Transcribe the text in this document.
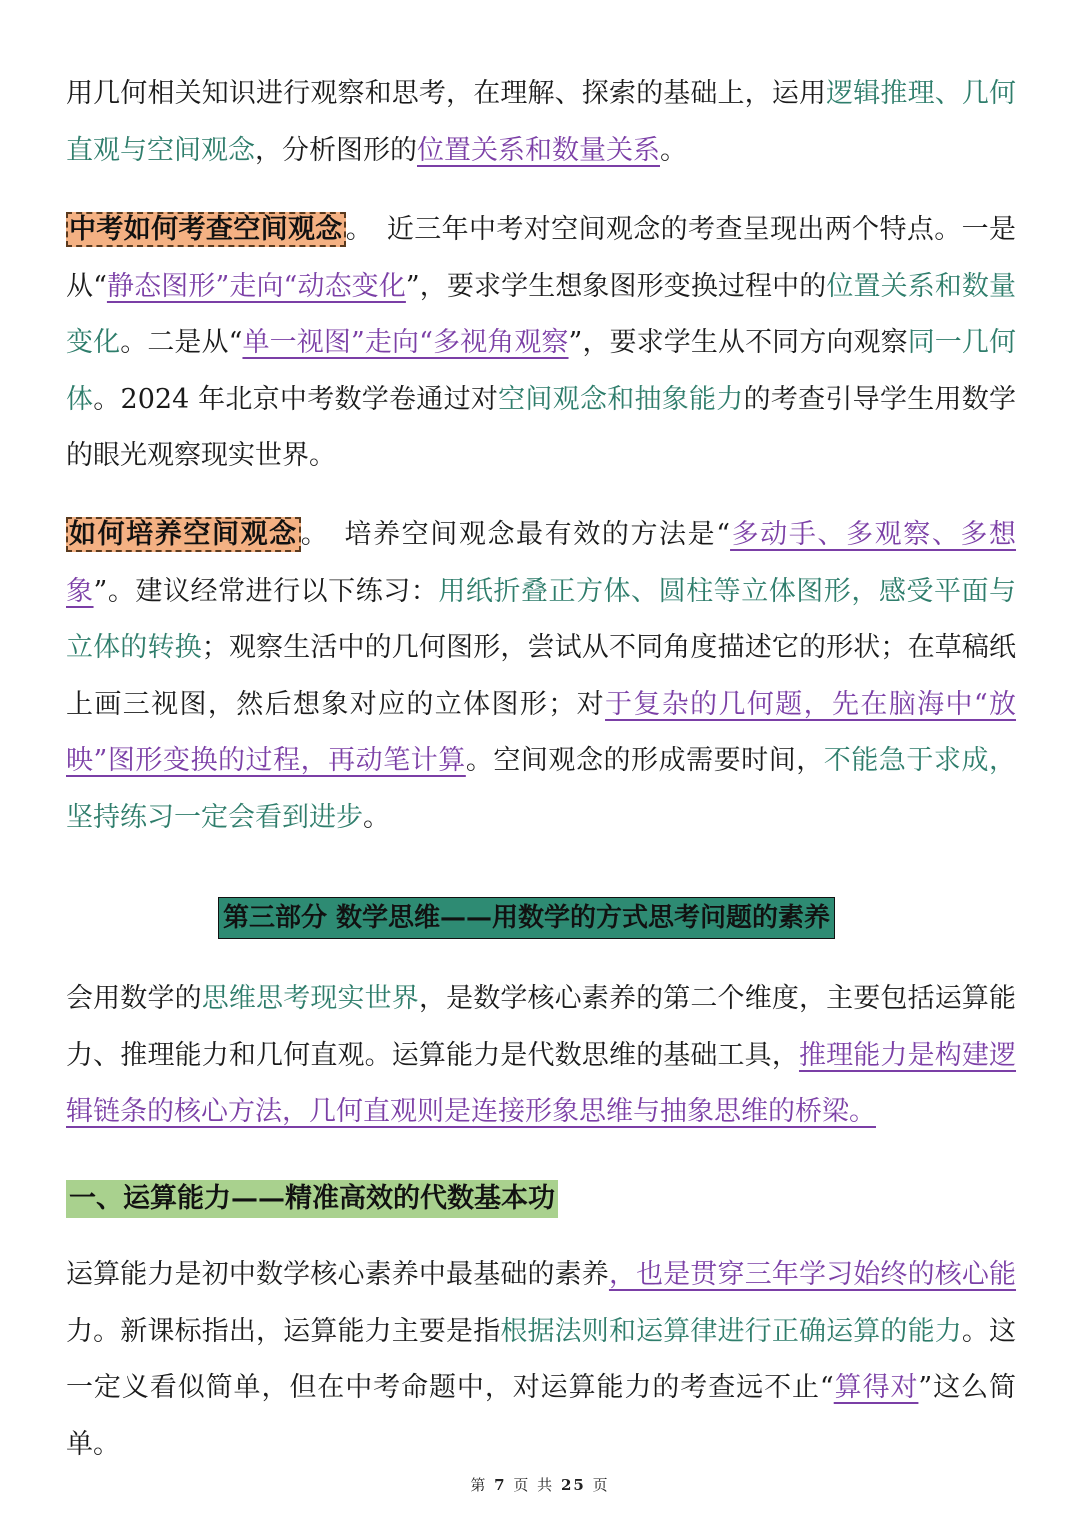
用几何相关知识进行观察和思考，在理解、探索的基础上，运用逻辑推理、几何直观与空间观念，分析图形的位置关系和数量关系。

中考如何考查空间观念 。　近三年中考对空间观念的考查呈现出两个特点。一是从“静态图形”走向“动态变化”，要求学生想象图形变换过程中的位置关系和数量变化。二是从“单一视图”走向“多视角观察”，要求学生从不同方向观察同一几何体。2024 年北京中考数学卷通过对空间观念和抽象能力的考查引导学生用数学的眼光观察现实世界。

如何培养空间观念 。　培养空间观念最有效的方法是“多动手、多观察、多想象”。建议经常进行以下练习：用纸折叠正方体、圆柱等立体图形，感受平面与立体的转换；观察生活中的几何图形，尝试从不同角度描述它的形状；在草稿纸上画三视图，然后想象对应的立体图形；对于复杂的几何题，先在脑海中“放映”图形变换的过程，再动笔计算。空间观念的形成需要时间，不能急于求成，坚持练习一定会看到进步。

第三部分 数学思维——用数学的方式思考问题的素养

会用数学的思维思考现实世界，是数学核心素养的第二个维度，主要包括运算能力、推理能力和几何直观。运算能力是代数思维的基础工具，推理能力是构建逻辑链条的核心方法，几何直观则是连接形象思维与抽象思维的桥梁。

一、运算能力——精准高效的代数基本功

运算能力是初中数学核心素养中最基础的素养，也是贯穿三年学习始终的核心能力。新课标指出，运算能力主要是指根据法则和运算律进行正确运算的能力。这一定义看似简单，但在中考命题中，对运算能力的考查远不止“算得对”这么简单。

第 7 页 共 25 页
